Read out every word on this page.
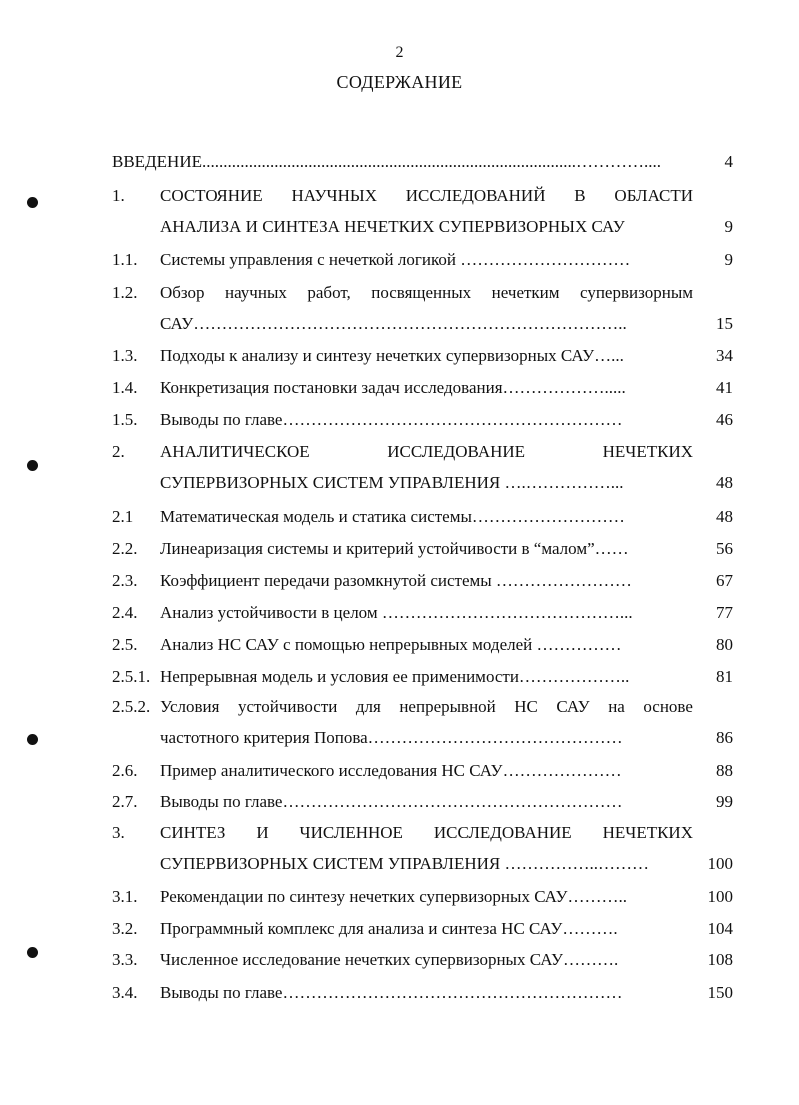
2
СОДЕРЖАНИЕ
ВВЕДЕНИЕ........................................................................................…………....	4
1. СОСТОЯНИЕ НАУЧНЫХ ИССЛЕДОВАНИЙ В ОБЛАСТИ
АНАЛИЗА И СИНТЕЗА НЕЧЕТКИХ СУПЕРВИЗОРНЫХ САУ	9
1.1. Системы управления с нечеткой логикой …………………………	9
1.2. Обзор научных работ, посвященных нечетким супервизорным
САУ…………………………………………………………………..	15
1.3. Подходы к анализу и синтезу нечетких супервизорных САУ…...	34
1.4. Конкретизация постановки задач исследования……………….....	41
1.5. Выводы по главе……………………………………………………	46
2. АНАЛИТИЧЕСКОЕ	ИССЛЕДОВАНИЕ	НЕЧЕТКИХ
СУПЕРВИЗОРНЫХ СИСТЕМ УПРАВЛЕНИЯ ….……………...	48
2.1 Математическая модель и статика системы………………………	48
2.2. Линеаризация системы и критерий устойчивости в “малом”……	56
2.3. Коэффициент передачи разомкнутой системы ……………………	67
2.4. Анализ устойчивости в целом ……………………………………...	77
2.5. Анализ НС САУ с помощью непрерывных моделей ……………	80
2.5.1. Непрерывная модель и условия ее применимости………………..	81
2.5.2. Условия устойчивости для непрерывной НС САУ на основе
частотного критерия Попова………………………………………	86
2.6. Пример аналитического исследования НС САУ…………………	88
2.7. Выводы по главе……………………………………………………	99
3. СИНТЕЗ И ЧИСЛЕННОЕ ИССЛЕДОВАНИЕ НЕЧЕТКИХ
СУПЕРВИЗОРНЫХ СИСТЕМ УПРАВЛЕНИЯ ……………..………	100
3.1. Рекомендации по синтезу нечетких супервизорных САУ………..	100
3.2. Программный комплекс для анализа и синтеза НС САУ……….	104
3.3. Численное исследование нечетких супервизорных САУ……….	108
3.4. Выводы по главе……………………………………………………	150
